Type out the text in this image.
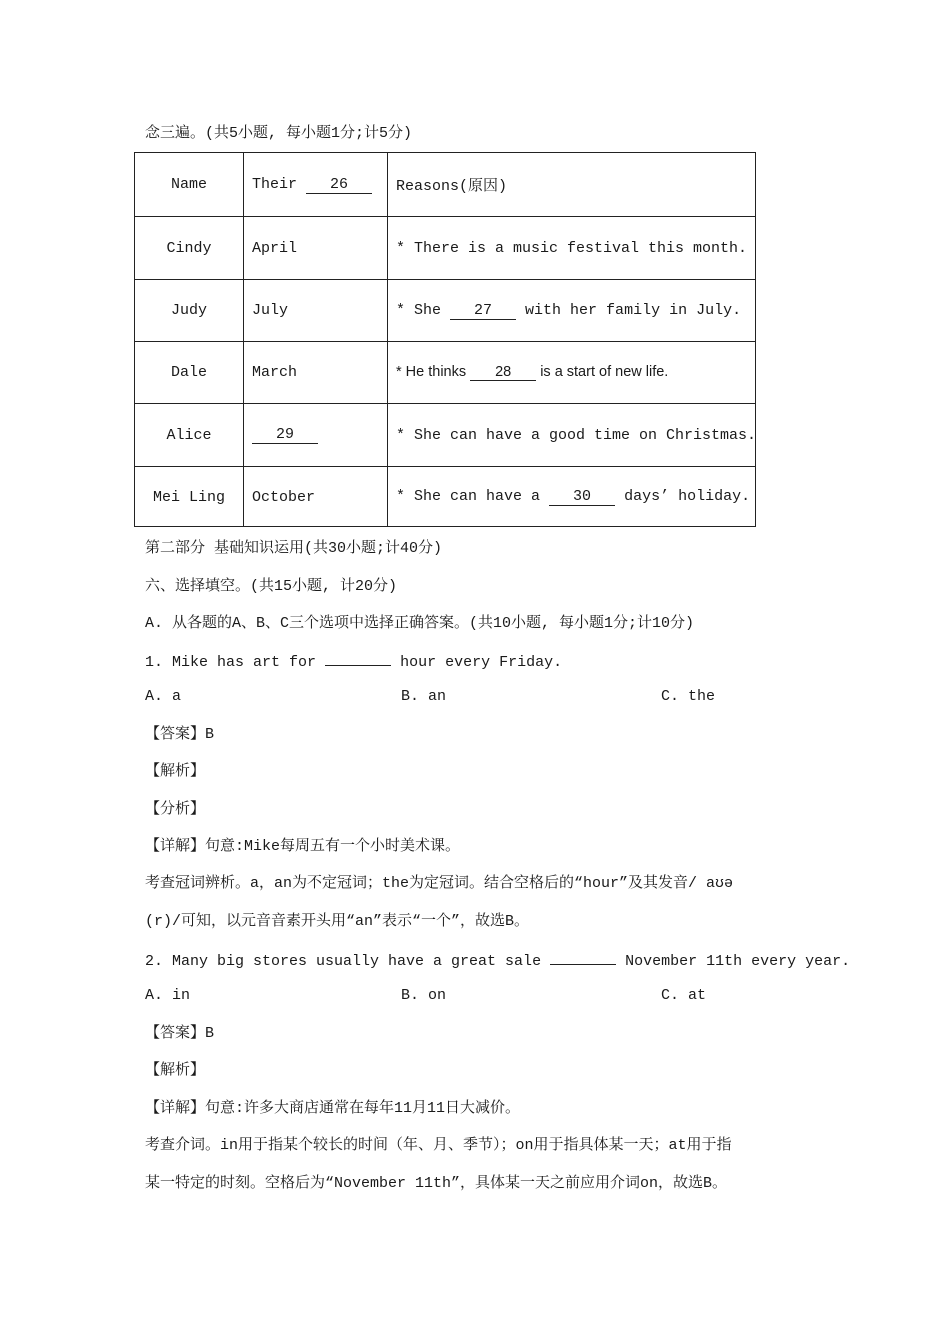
念三遍。(共5小题, 每小题1分;计5分)
Name	Their 26	Reasons(原因)
Cindy	April	* There is a music festival this month.
Judy	July	* She 27 with her family in July.
Dale	March	* He thinks 28 is a start of new life.
Alice	29	* She can have a good time on Christmas.
Mei Ling	October	* She can have a 30 days’ holiday.
第二部分 基础知识运用(共30小题;计40分)
六、选择填空。(共15小题, 计20分)
A. 从各题的A、B、C三个选项中选择正确答案。(共10小题, 每小题1分;计10分)
1. Mike has art for	hour every Friday.
A. a	B. an	C. the
【答案】B
【解析】
【分析】
【详解】句意:Mike每周五有一个小时美术课。
考查冠词辨析。a，an为不定冠词；the为定冠词。结合空格后的“hour”及其发音/ aʊə
(r)/可知，以元音音素开头用“an”表示“一个”，故选B。
2. Many big stores usually have a great sale	November 11th every year.
A. in	B. on	C. at
【答案】B
【解析】
【详解】句意:许多大商店通常在每年11月11日大减价。
考查介词。in用于指某个较长的时间（年、月、季节）；on用于指具体某一天；at用于指
某一特定的时刻。空格后为“November 11th”，具体某一天之前应用介词on，故选B。
